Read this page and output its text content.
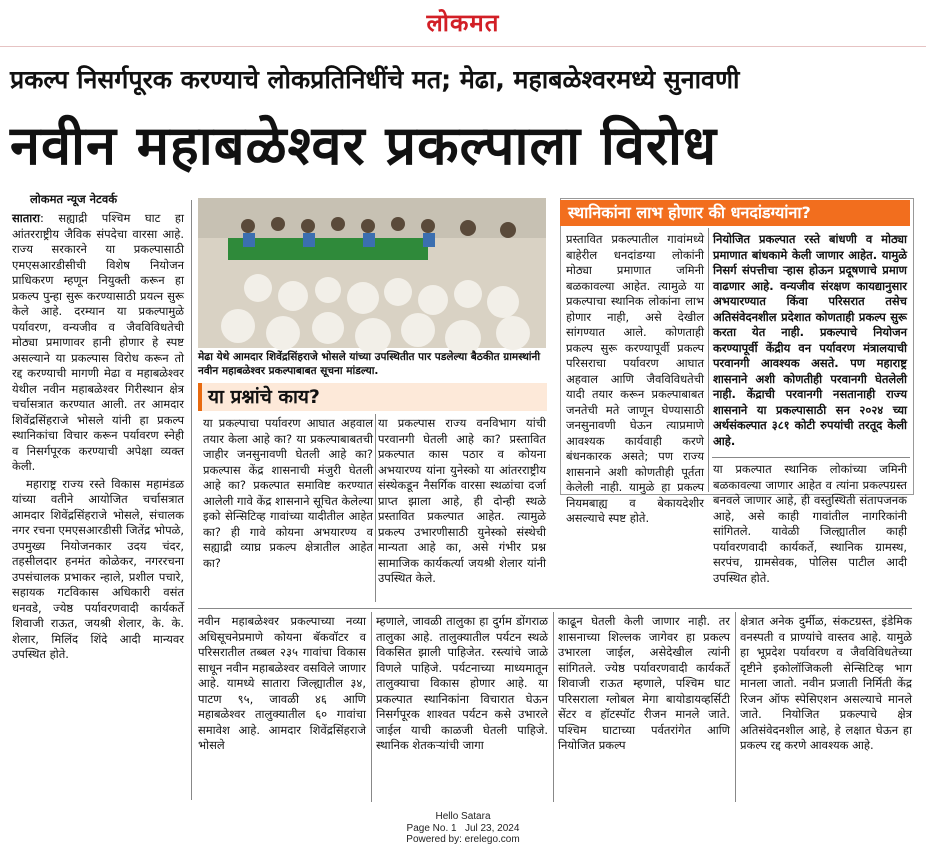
लोकमत
प्रकल्प निसर्गपूरक करण्याचे लोकप्रतिनिधींचे मत; मेढा, महाबळेश्वरमध्ये सुनावणी
नवीन महाबळेश्वर प्रकल्पाला विरोध
लोकमत न्यूज नेटवर्क

सातारा: सह्याद्री पश्चिम घाट हा आंतरराष्ट्रीय जैविक संपदेचा वारसा आहे. राज्य सरकारने या प्रकल्पासाठी एमएसआरडीसीची विशेष नियोजन प्राधिकरण म्हणून नियुक्ती करून हा प्रकल्प पुन्हा सुरू करण्यासाठी प्रयत्न सुरू केले आहे. दरम्यान या प्रकल्पामुळे पर्यावरण, वन्यजीव व जैवविविधतेची मोठ्या प्रमाणावर हानी होणार हे स्पष्ट असल्याने या प्रकल्पास विरोध करून तो रद्द करण्याची मागणी मेढा व महाबळेश्वर येथील नवीन महाबळेश्वर गिरीस्थान क्षेत्र चर्चासत्रात करण्यात आली. तर आमदार शिवेंद्रसिंहराजे भोसले यांनी हा प्रकल्प स्थानिकांचा विचार करून पर्यावरण स्नेही व निसर्गपूरक करण्याची अपेक्षा व्यक्त केली.

महाराष्ट्र राज्य रस्ते विकास महामंडळ यांच्या वतीने आयोजित चर्चासत्रात आमदार शिवेंद्रसिंहराजे भोसले, संचालक नगर रचना एमएसआरडीसी जितेंद्र भोपळे, उपमुख्य नियोजनकार उदय चंदर, तहसीलदार हनमंत कोळेकर, नगररचना उपसंचालक प्रभाकर न्हाले, प्रशील पचारे, सहायक गटविकास अधिकारी वसंत धनवडे, ज्येष्ठ पर्यावरणवादी कार्यकर्ते शिवाजी राऊत, जयश्री शेलार, के. के. शेलार, मिलिंद शिंदे आदी मान्यवर उपस्थित होते.

मेढा येथे आमदार शिवेंद्रसिंहराजे भोसले यांच्या उपस्थितीत पार पडलेल्या बैठकीत ग्रामस्थांनी नवीन महाबळेश्वर प्रकल्पाबाबत सूचना मांडल्या.
या प्रश्नांचे काय?
या प्रकल्पाचा पर्यावरण आघात अहवाल तयार केला आहे का? या प्रकल्पाबाबतची जाहीर जनसुनावणी घेतली आहे का? प्रकल्पास केंद्र शासनाची मंजुरी घेतली आहे का? प्रकल्पात समाविष्ट करण्यात आलेली गावे केंद्र शासनाने सूचित केलेल्या इको सेन्सिटिव्ह गावांच्या यादीतील आहेत का? ही गावे कोयना अभयारण्य व सह्याद्री व्याघ्र प्रकल्प क्षेत्रातील आहेत का?
या प्रकल्पास राज्य वनविभाग यांची परवानगी घेतली आहे का? प्रस्तावित प्रकल्पात कास पठार व कोयना अभयारण्य यांना युनेस्को या आंतरराष्ट्रीय संस्थेकडून नैसर्गिक वारसा स्थळांचा दर्जा प्राप्त झाला आहे, ही दोन्ही स्थळे प्रस्तावित प्रकल्पात आहेत. त्यामुळे प्रकल्प उभारणीसाठी युनेस्को संस्थेची मान्यता आहे का, असे गंभीर प्रश्न सामाजिक कार्यकर्त्या जयश्री शेलार यांनी उपस्थित केले.
स्थानिकांना लाभ होणार की धनदांडग्यांना?
प्रस्तावित प्रकल्पातील गावांमध्ये बाहेरील धनदांडग्या लोकांनी मोठ्या प्रमाणात जमिनी बळकावल्या आहेत. त्यामुळे या प्रकल्पाचा स्थानिक लोकांना लाभ होणार नाही, असे देखील सांगण्यात आले. कोणताही प्रकल्प सुरू करण्यापूर्वी प्रकल्प परिसराचा पर्यावरण आघात अहवाल आणि जैवविविधतेची यादी तयार करून प्रकल्पाबाबत जनतेची मते जाणून घेण्यासाठी जनसुनावणी घेऊन त्याप्रमाणे आवश्यक कार्यवाही करणे बंधनकारक असते; पण राज्य शासनाने अशी कोणतीही पूर्तता केलेली नाही. यामुळे हा प्रकल्प नियमबाह्य व बेकायदेशीर असल्याचे स्पष्ट होते.
नियोजित प्रकल्पात रस्ते बांधणी व मोठ्या प्रमाणात बांधकामे केली जाणार आहेत. यामुळे निसर्ग संपत्तीचा ऱ्हास होऊन प्रदूषणाचे प्रमाण वाढणार आहे. वन्यजीव संरक्षण कायद्यानुसार अभयारण्यात किंवा परिसरात तसेच अतिसंवेदनशील प्रदेशात कोणताही प्रकल्प सुरू करता येत नाही. प्रकल्पाचे नियोजन करण्यापूर्वी केंद्रीय वन पर्यावरण मंत्रालयाची परवानगी आवश्यक असते. पण महाराष्ट्र शासनाने अशी कोणतीही परवानगी घेतलेली नाही. केंद्राची परवानगी नसतानाही राज्य शासनाने या प्रकल्पासाठी सन २०२४ च्या अर्थसंकल्पात ३८१ कोटी रुपयांची तरतूद केली आहे.
या प्रकल्पात स्थानिक लोकांच्या जमिनी बळकावल्या जाणार आहेत व त्यांना प्रकल्पग्रस्त बनवले जाणार आहे, ही वस्तुस्थिती संतापजनक आहे, असे काही गावांतील नागरिकांनी सांगितले. यावेळी जिल्ह्यातील काही पर्यावरणवादी कार्यकर्ते, स्थानिक ग्रामस्थ, सरपंच, ग्रामसेवक, पोलिस पाटील आदी उपस्थित होते.
नवीन महाबळेश्वर प्रकल्पाच्या नव्या अधिसूचनेप्रमाणे कोयना बॅकवॉटर व परिसरातील तब्बल २३५ गावांचा विकास साधून नवीन महाबळेश्वर वसविले जाणार आहे. यामध्ये सातारा जिल्ह्यातील ३४, पाटण ९५, जावळी ४६ आणि महाबळेश्वर तालुक्यातील ६० गावांचा समावेश आहे. आमदार शिवेंद्रसिंहराजे भोसले
म्हणाले, जावळी तालुका हा दुर्गम डोंगराळ तालुका आहे. तालुक्यातील पर्यटन स्थळे विकसित झाली पाहिजेत. रस्त्यांचे जाळे विणले पाहिजे. पर्यटनाच्या माध्यमातून तालुक्याचा विकास होणार आहे. या प्रकल्पात स्थानिकांना विचारात घेऊन निसर्गपूरक शाश्वत पर्यटन कसे उभारले जाईल याची काळजी घेतली पाहिजे. स्थानिक शेतकऱ्यांची जागा
काढून घेतली केली जाणार नाही. तर शासनाच्या शिल्लक जागेवर हा प्रकल्प उभारला जाईल, असेदेखील त्यांनी सांगितले. ज्येष्ठ पर्यावरणवादी कार्यकर्ते शिवाजी राऊत म्हणाले, पश्चिम घाट परिसराला ग्लोबल मेगा बायोडायव्हर्सिटी सेंटर व हॉटस्पॉट रीजन मानले जाते. पश्चिम घाटाच्या पर्वतरांगेत आणि नियोजित प्रकल्प
क्षेत्रात अनेक दुर्मीळ, संकटग्रस्त, इंडेमिक वनस्पती व प्राण्यांचे वास्तव आहे. यामुळे हा भूप्रदेश पर्यावरण व जैवविविधतेच्या दृष्टीने इकोलॉजिकली सेन्सिटिव्ह भाग मानला जातो. नवीन प्रजाती निर्मिती केंद्र रिजन ऑफ स्पेसिएशन असल्याचे मानले जाते. नियोजित प्रकल्पाचे क्षेत्र अतिसंवेदनशील आहे, हे लक्षात घेऊन हा प्रकल्प रद्द करणे आवश्यक आहे.
Hello Satara
Page No. 1 Jul 23, 2024
Powered by: erelego.com
